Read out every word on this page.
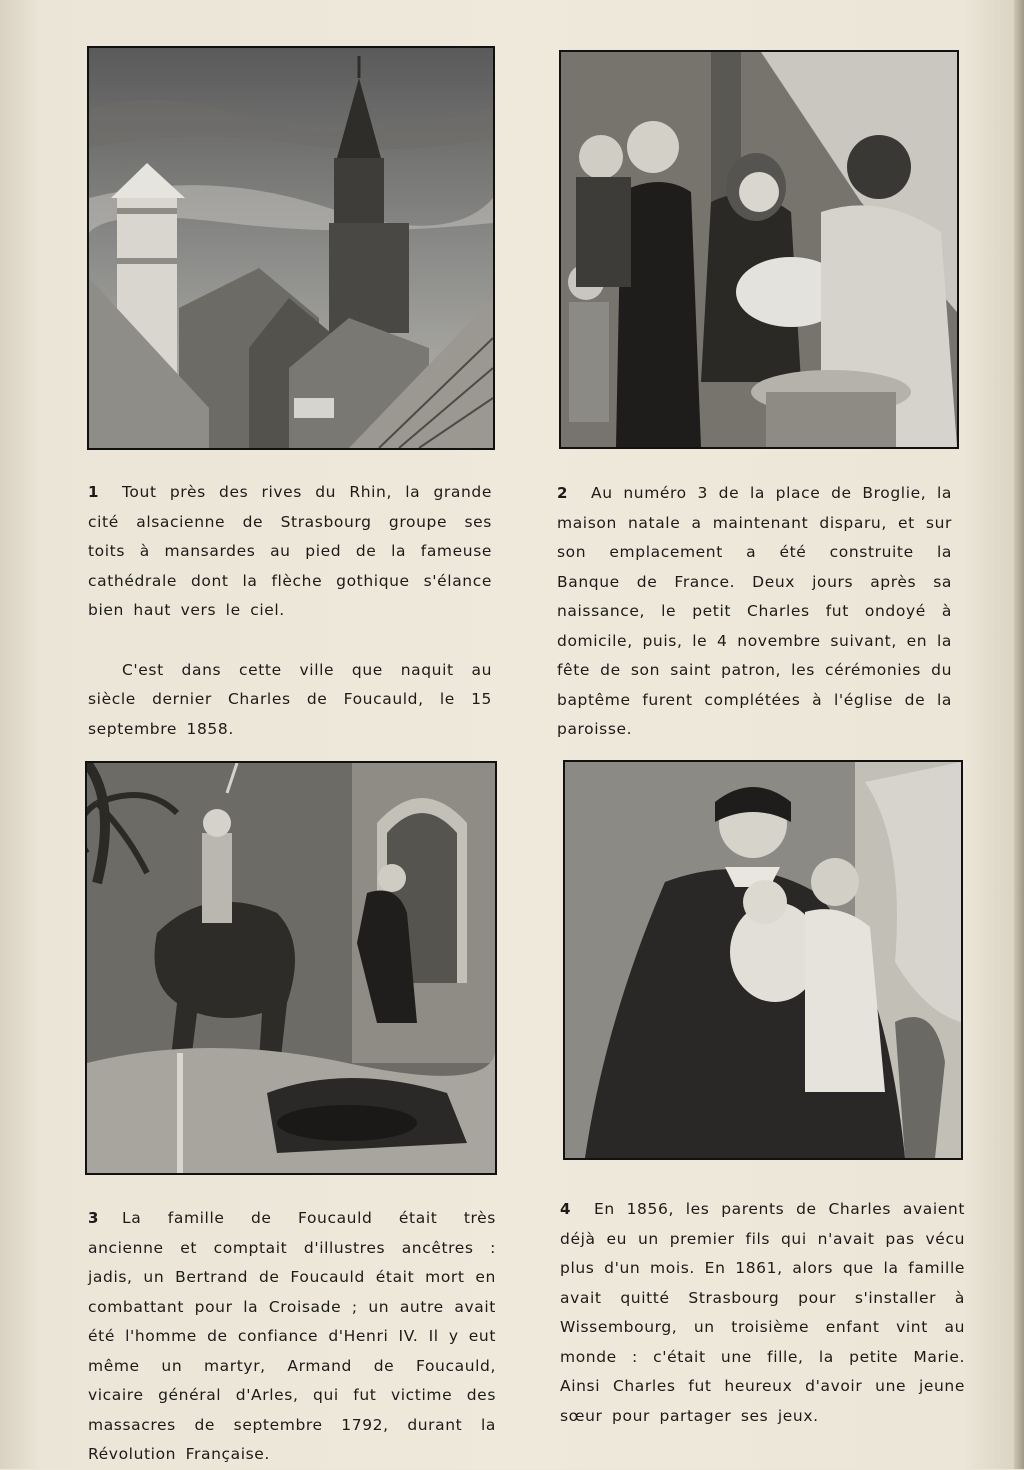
1 Tout près des rives du Rhin, la grande cité alsacienne de Strasbourg groupe ses toits à mansardes au pied de la fameuse cathédrale dont la flèche gothique s'élance bien haut vers le ciel.

C'est dans cette ville que naquit au siècle dernier Charles de Foucauld, le 15 septembre 1858.

2 Au numéro 3 de la place de Broglie, la maison natale a maintenant disparu, et sur son emplacement a été construite la Banque de France. Deux jours après sa naissance, le petit Charles fut ondoyé à domicile, puis, le 4 novembre suivant, en la fête de son saint patron, les cérémonies du baptême furent complétées à l'église de la paroisse.

3 La famille de Foucauld était très ancienne et comptait d'illustres ancêtres : jadis, un Bertrand de Foucauld était mort en combattant pour la Croisade ; un autre avait été l'homme de confiance d'Henri IV. Il y eut même un martyr, Armand de Foucauld, vicaire général d'Arles, qui fut victime des massacres de septembre 1792, durant la Révolution Française.

4 En 1856, les parents de Charles avaient déjà eu un premier fils qui n'avait pas vécu plus d'un mois. En 1861, alors que la famille avait quitté Strasbourg pour s'installer à Wissembourg, un troisième enfant vint au monde : c'était une fille, la petite Marie. Ainsi Charles fut heureux d'avoir une jeune sœur pour partager ses jeux.
